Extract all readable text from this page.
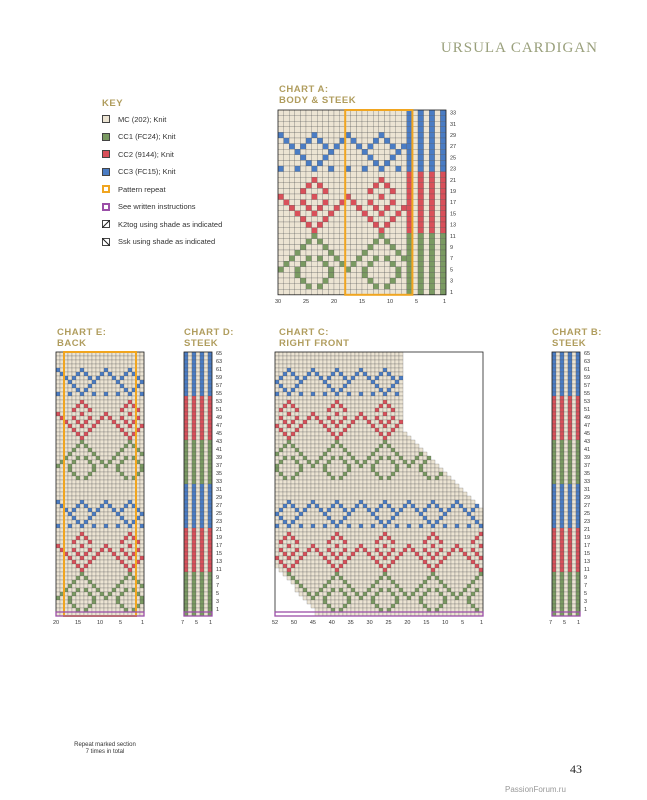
URSULA CARDIGAN
KEY
MC (202); Knit
CC1 (FC24); Knit
CC2 (9144); Knit
CC3 (FC15); Knit
Pattern repeat
See written instructions
K2tog using shade as indicated
Ssk using shade as indicated
CHART A:
BODY & STEEK
CHART E:
BACK
CHART D:
STEEK
CHART C:
RIGHT FRONT
CHART B:
STEEK
33
31
29
27
25
23
21
19
17
15
13
11
9
7
5
3
1
30	25	20	15	10	5	1
20	15	10	5	1
65
63
61
59
57
55
53
51
49
47
45
43
41
39
37
35
33
31
29
27
25
23
21
19
17
15
13
11
9
7
5
3
1
7 5 1	52 50 45 40 35 30 25 20 15 10 5	1
65
63
61
59
57
55
53
51
49
47
45
43
41
39
37
35
33
31
29
27
25
23
21
19
17
15
13
11
9
7
5
3
1
7 5 1
Repeat marked section
7 times in total
43
PassionForum.ru
